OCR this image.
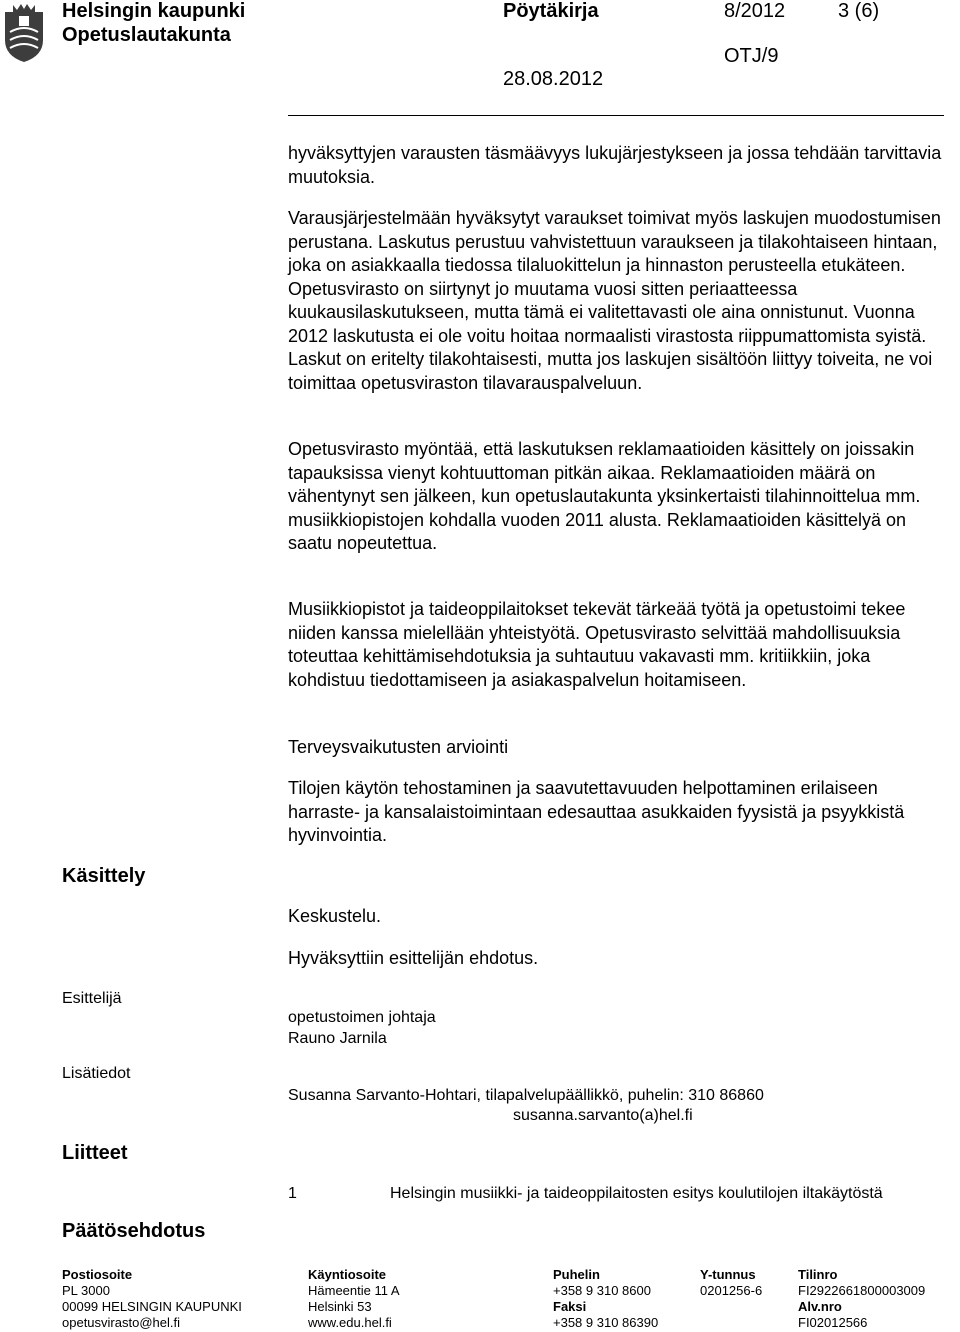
Helsingin kaupunki
Opetuslautakunta
Pöytäkirja	8/2012	3 (6)
OTJ/9
28.08.2012
hyväksyttyjen varausten täsmäävyys lukujärjestykseen ja jossa tehdään tarvittavia muutoksia.
Varausjärjestelmään hyväksytyt varaukset toimivat myös laskujen muodostumisen perustana. Laskutus perustuu vahvistettuun varaukseen ja tilakohtaiseen hintaan, joka on asiakkaalla tiedossa tilaluokittelun ja hinnaston perusteella etukäteen. Opetusvirasto on siirtynyt jo muutama vuosi sitten periaatteessa kuukausilaskutukseen, mutta tämä ei valitettavasti ole aina onnistunut. Vuonna 2012 laskutusta ei ole voitu hoitaa normaalisti virastosta riippumattomista syistä. Laskut on eritelty tilakohtaisesti, mutta jos laskujen sisältöön liittyy toiveita, ne voi toimittaa opetusviraston tilavarauspalveluun.
Opetusvirasto myöntää, että laskutuksen reklamaatioiden käsittely on joissakin tapauksissa vienyt kohtuuttoman pitkän aikaa. Reklamaatioiden määrä on vähentynyt sen jälkeen, kun opetuslautakunta yksinkertaisti tilahinnoittelua mm. musiikkiopistojen kohdalla vuoden 2011 alusta. Reklamaatioiden käsittelyä on saatu nopeutettua.
Musiikkiopistot ja taideoppilaitokset tekevät tärkeää työtä ja opetustoimi tekee niiden kanssa mielellään yhteistyötä. Opetusvirasto selvittää mahdollisuuksia toteuttaa kehittämisehdotuksia ja suhtautuu vakavasti mm. kritiikkiin, joka kohdistuu tiedottamiseen ja asiakaspalvelun hoitamiseen.
Terveysvaikutusten arviointi
Tilojen käytön tehostaminen ja saavutettavuuden helpottaminen erilaiseen harraste- ja kansalaistoimintaan edesauttaa asukkaiden fyysistä ja psyykkistä hyvinvointia.
Käsittely
Keskustelu.
Hyväksyttiin esittelijän ehdotus.
Esittelijä
opetustoimen johtaja
Rauno Jarnila
Lisätiedot
Susanna Sarvanto-Hohtari, tilapalvelupäällikkö, puhelin: 310 86860
susanna.sarvanto(a)hel.fi
Liitteet
1	Helsingin musiikki- ja taideoppilaitosten esitys koulutilojen iltakäytöstä
Päätösehdotus
Postiosoite
PL 3000
00099 HELSINGIN KAUPUNKI
opetusvirasto@hel.fi
Käyntiosoite
Hämeentie 11 A
Helsinki 53
www.edu.hel.fi
Puhelin
+358 9 310 8600
Faksi
+358 9 310 86390
Y-tunnus
0201256-6
Tilinro
FI2922661800003009
Alv.nro
FI02012566
